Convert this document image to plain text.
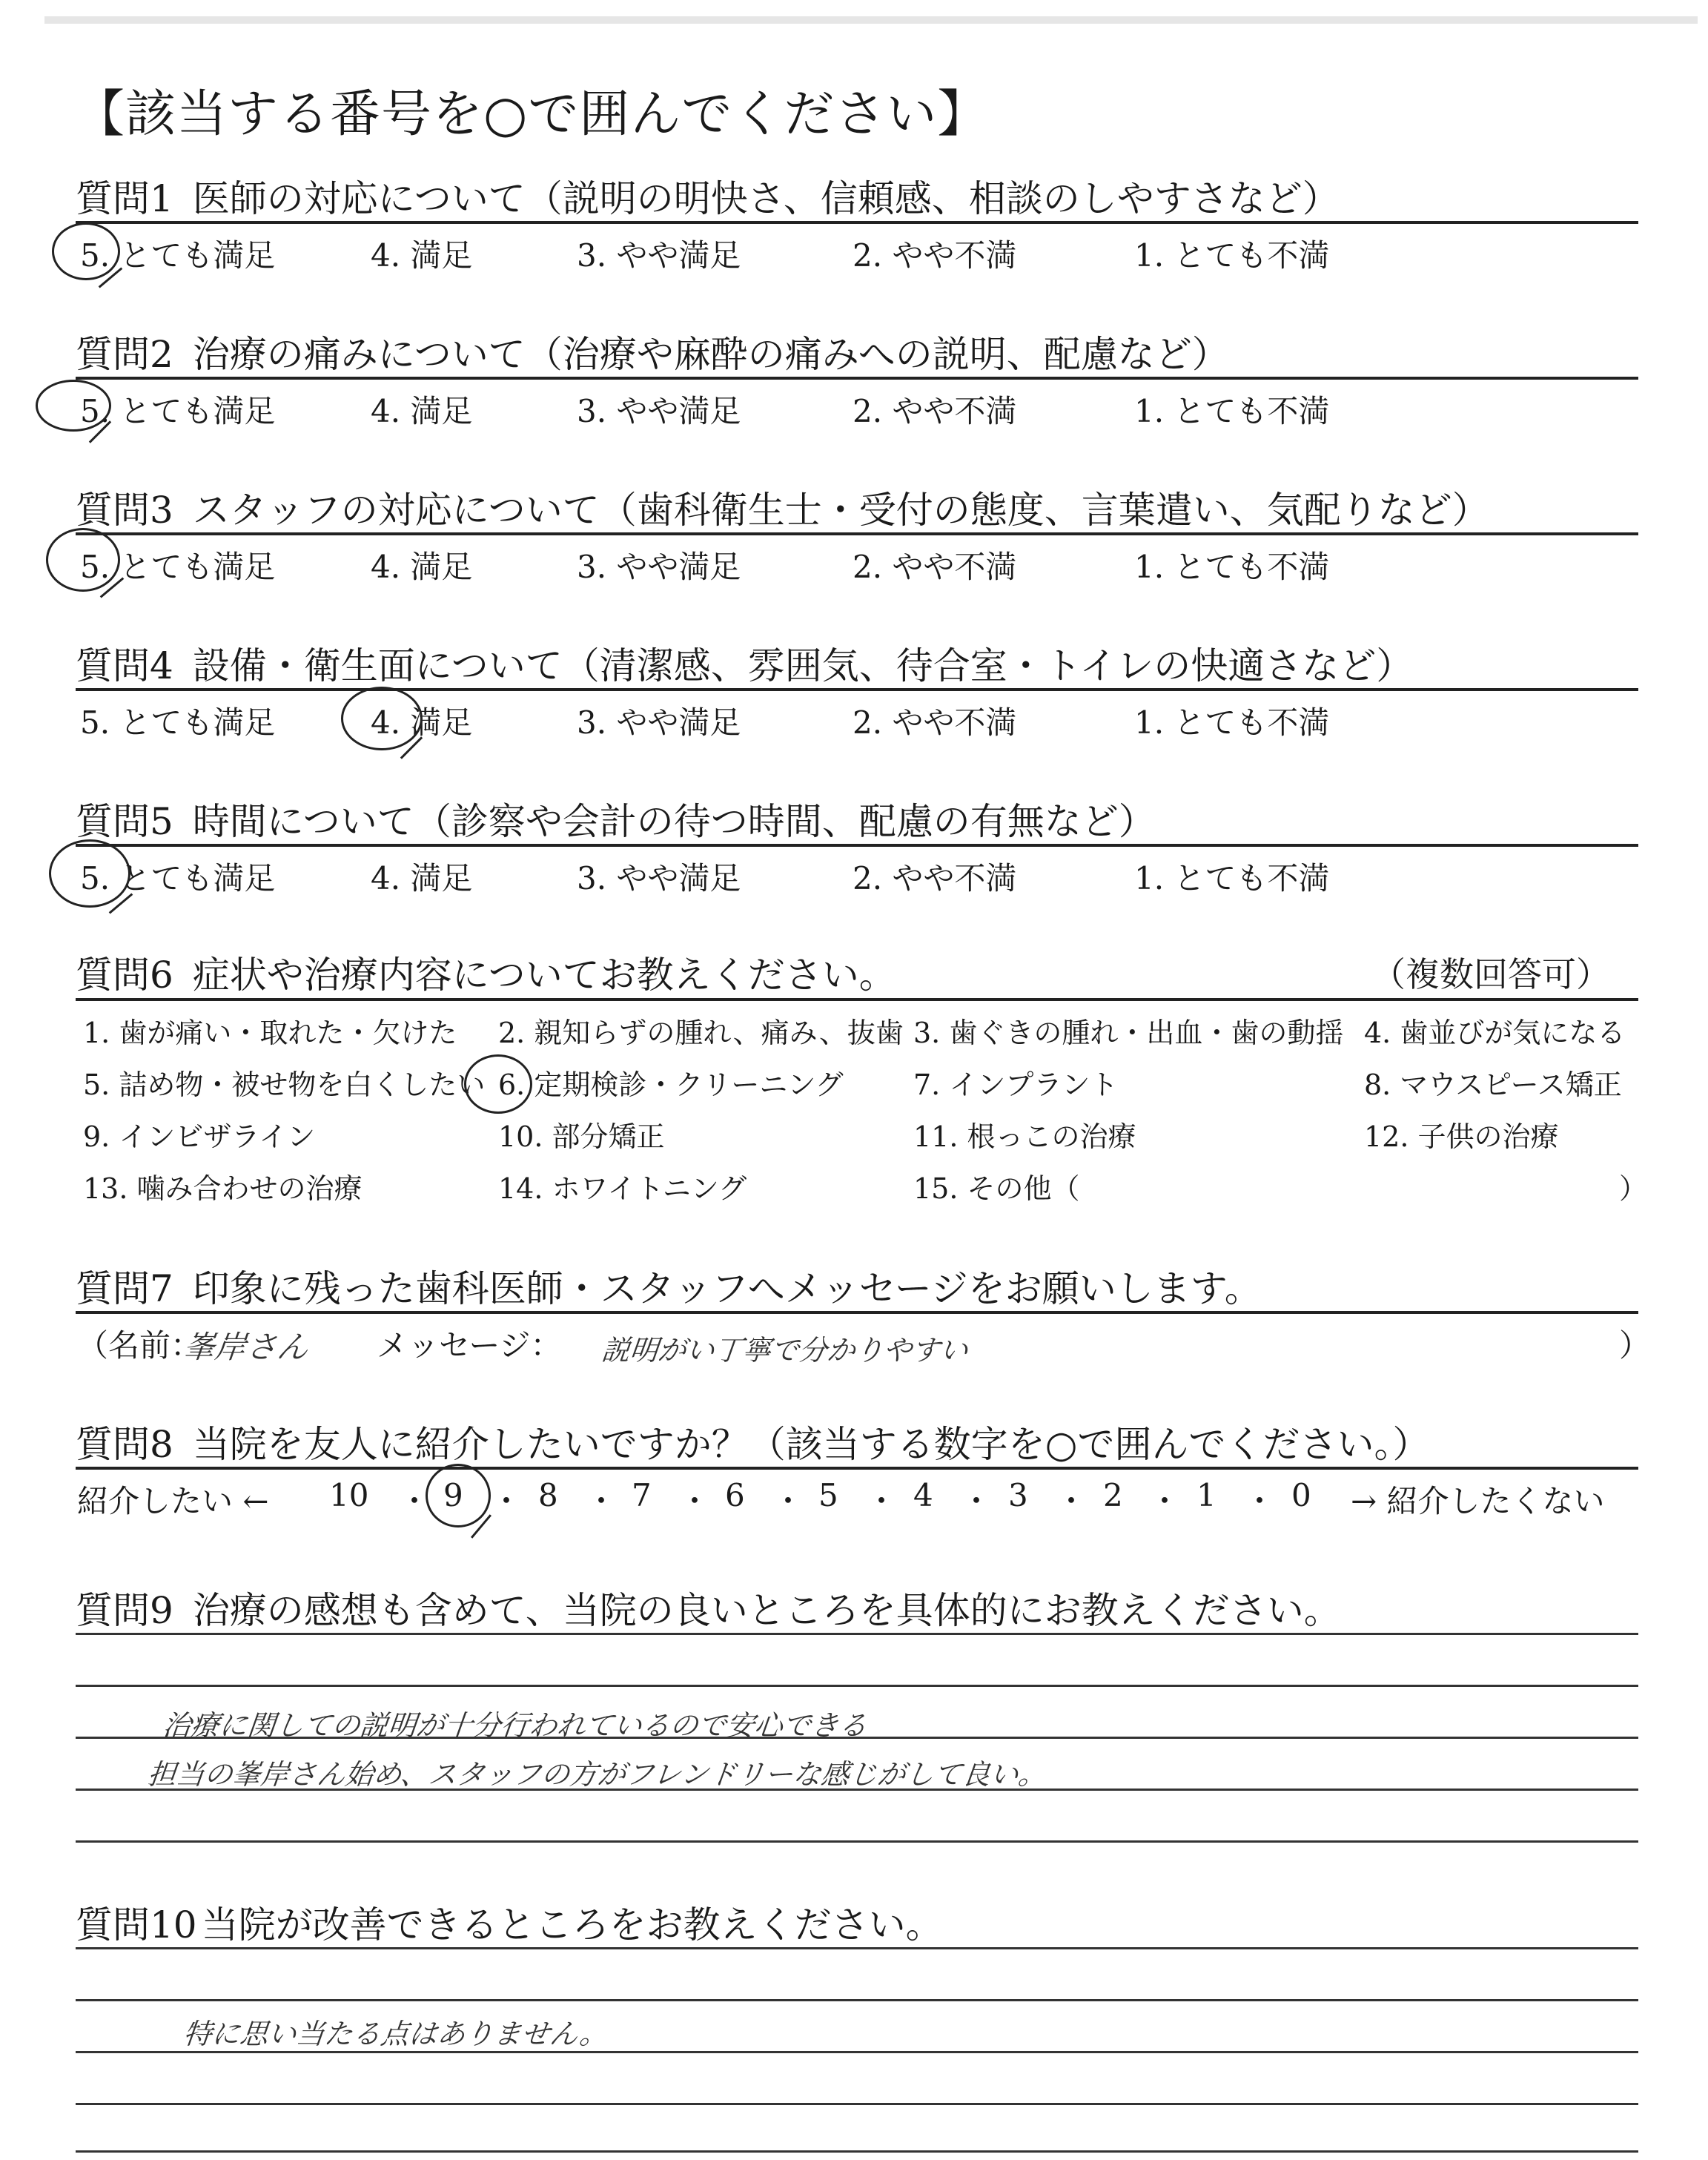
【該当する番号を○で囲んでください】
質問1 医師の対応について（説明の明快さ、信頼感、相談のしやすさなど）
5. とても満足	4. 満足	3. やや満足	2. やや不満	1. とても不満
質問2 治療の痛みについて（治療や麻酔の痛みへの説明、配慮など）
5. とても満足	4. 満足	3. やや満足	2. やや不満	1. とても不満
質問3 スタッフの対応について（歯科衛生士・受付の態度、言葉遣い、気配りなど）
5. とても満足	4. 満足	3. やや満足	2. やや不満	1. とても不満
質問4 設備・衛生面について（清潔感、雰囲気、待合室・トイレの快適さなど）
5. とても満足	4. 満足	3. やや満足	2. やや不満	1. とても不満
質問5 時間について（診察や会計の待つ時間、配慮の有無など）
5. とても満足	4. 満足	3. やや満足	2. やや不満	1. とても不満
質問6 症状や治療内容についてお教えください。	（複数回答可）
1. 歯が痛い・取れた・欠けた 2. 親知らずの腫れ、痛み、抜歯 3. 歯ぐきの腫れ・出血・歯の動揺 4. 歯並びが気になる
5. 詰め物・被せ物を白くしたい 6. 定期検診・クリーニング 7. インプラント	8. マウスピース矯正
9. インビザライン	10. 部分矯正	11. 根っこの治療	12. 子供の治療
13. 噛み合わせの治療	14. ホワイトニング	15. その他（	）
質問7 印象に残った歯科医師・スタッフへメッセージをお願いします。
（名前：
峯岸さん メッセージ： 説明がい丁寧で分かりやすい	）
質問8 当院を友人に紹介したいですか？（該当する数字を○で囲んでください。）
紹介したい ← 10 ・ 9 ・ 8 ・ 7 ・ 6 ・ 5 ・ 4 ・ 3 ・ 2 ・ 1 ・ 0 → 紹介したくない
質問9 治療の感想も含めて、当院の良いところを具体的にお教えください。
治療に関しての説明が十分行われているので安心できる
担当の峯岸さん始め、スタッフの方がフレンドリーな感じがして良い。
質問10 当院が改善できるところをお教えください。
特に思い当たる点はありません。
